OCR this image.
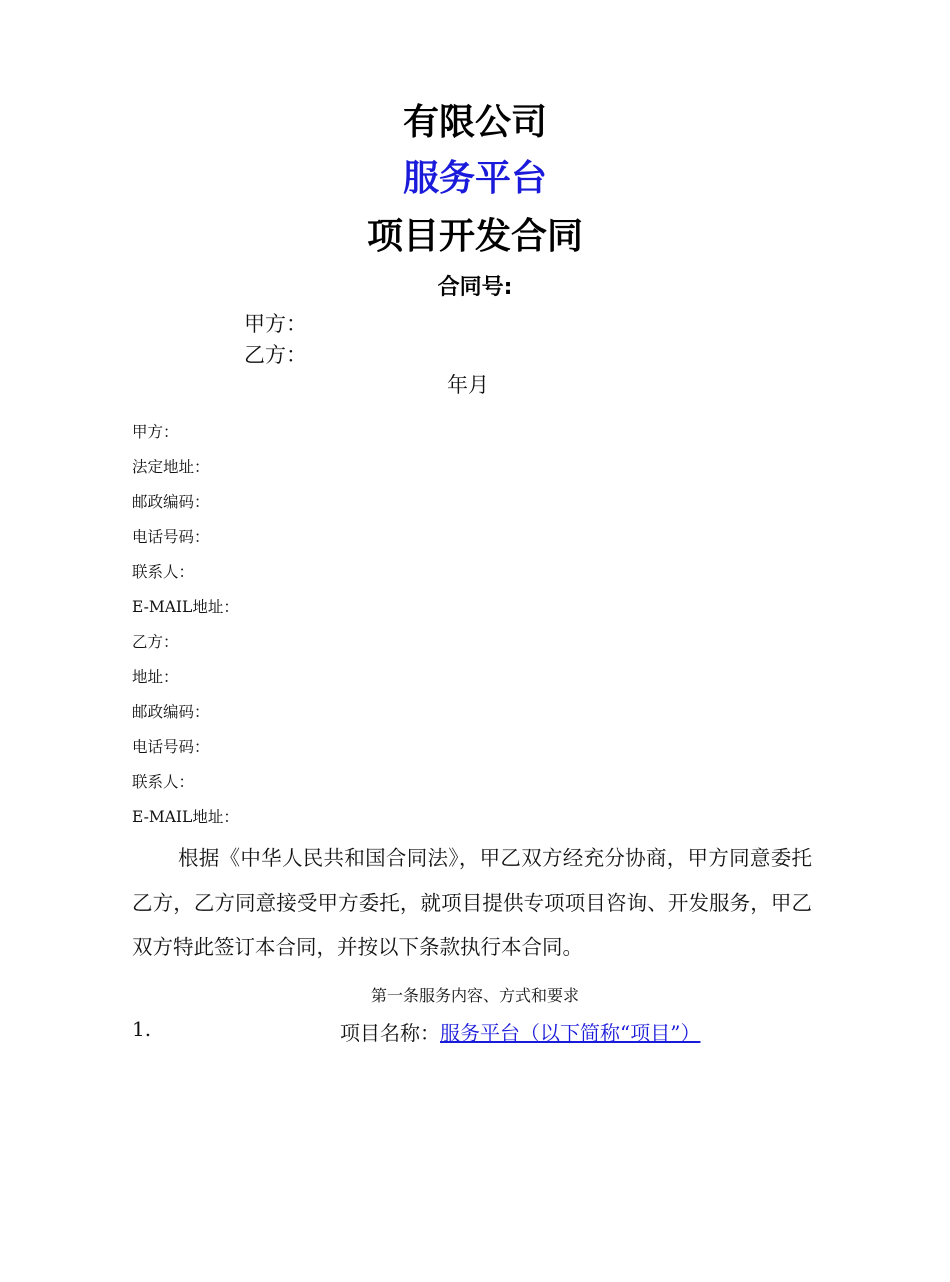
有限公司
服务平台
项目开发合同
合同号:
甲方：
乙方：
年月
甲方：
法定地址：
邮政编码：
电话号码：
联系人：
E-MAIL地址：
乙方：
地址：
邮政编码：
电话号码：
联系人：
E-MAIL地址：

根据《中华人民共和国合同法》，甲乙双方经充分协商，甲方同意委托乙方，乙方同意接受甲方委托，就项目提供专项项目咨询、开发服务，甲乙双方特此签订本合同，并按以下条款执行本合同。

第一条服务内容、方式和要求
1.	项目名称：服务平台（以下简称“项目”）
